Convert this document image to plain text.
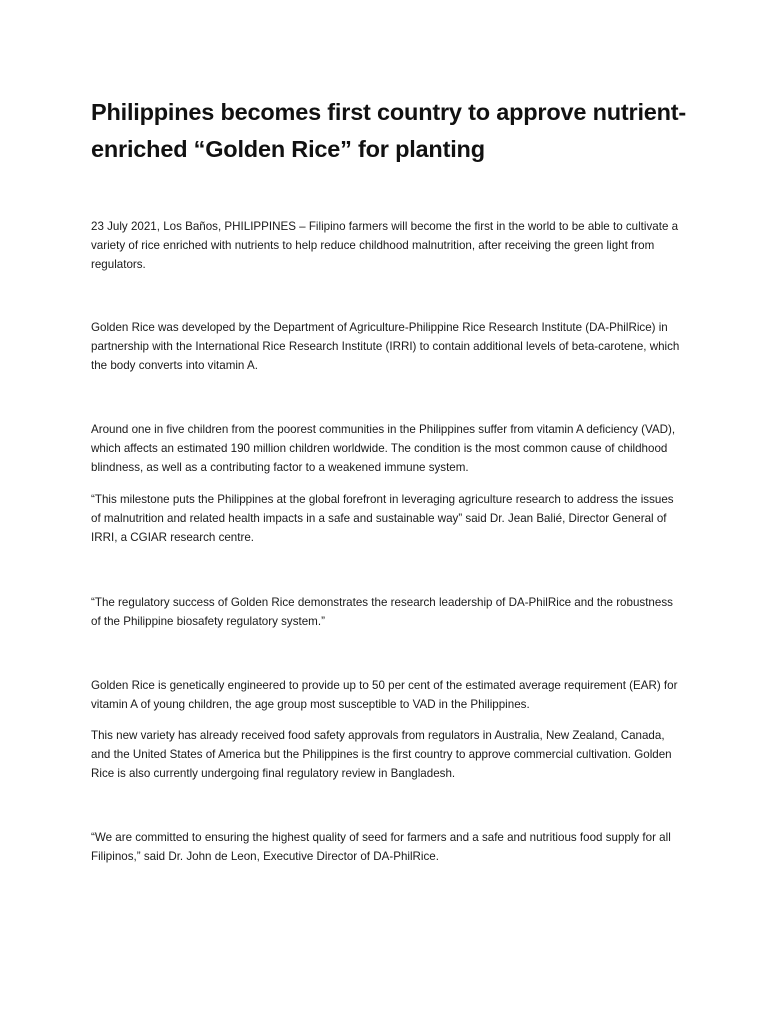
Philippines becomes first country to approve nutrient-enriched “Golden Rice” for planting

23 July 2021, Los Baños, PHILIPPINES – Filipino farmers will become the first in the world to be able to cultivate a variety of rice enriched with nutrients to help reduce childhood malnutrition, after receiving the green light from regulators.

Golden Rice was developed by the Department of Agriculture-Philippine Rice Research Institute (DA-PhilRice) in partnership with the International Rice Research Institute (IRRI) to contain additional levels of beta-carotene, which the body converts into vitamin A.

Around one in five children from the poorest communities in the Philippines suffer from vitamin A deficiency (VAD), which affects an estimated 190 million children worldwide. The condition is the most common cause of childhood blindness, as well as a contributing factor to a weakened immune system.

“This milestone puts the Philippines at the global forefront in leveraging agriculture research to address the issues of malnutrition and related health impacts in a safe and sustainable way” said Dr. Jean Balié, Director General of IRRI, a CGIAR research centre.

“The regulatory success of Golden Rice demonstrates the research leadership of DA-PhilRice and the robustness of the Philippine biosafety regulatory system.”

Golden Rice is genetically engineered to provide up to 50 per cent of the estimated average requirement (EAR) for vitamin A of young children, the age group most susceptible to VAD in the Philippines.

This new variety has already received food safety approvals from regulators in Australia, New Zealand, Canada, and the United States of America but the Philippines is the first country to approve commercial cultivation. Golden Rice is also currently undergoing final regulatory review in Bangladesh.

“We are committed to ensuring the highest quality of seed for farmers and a safe and nutritious food supply for all Filipinos,” said Dr. John de Leon, Executive Director of DA-PhilRice.
